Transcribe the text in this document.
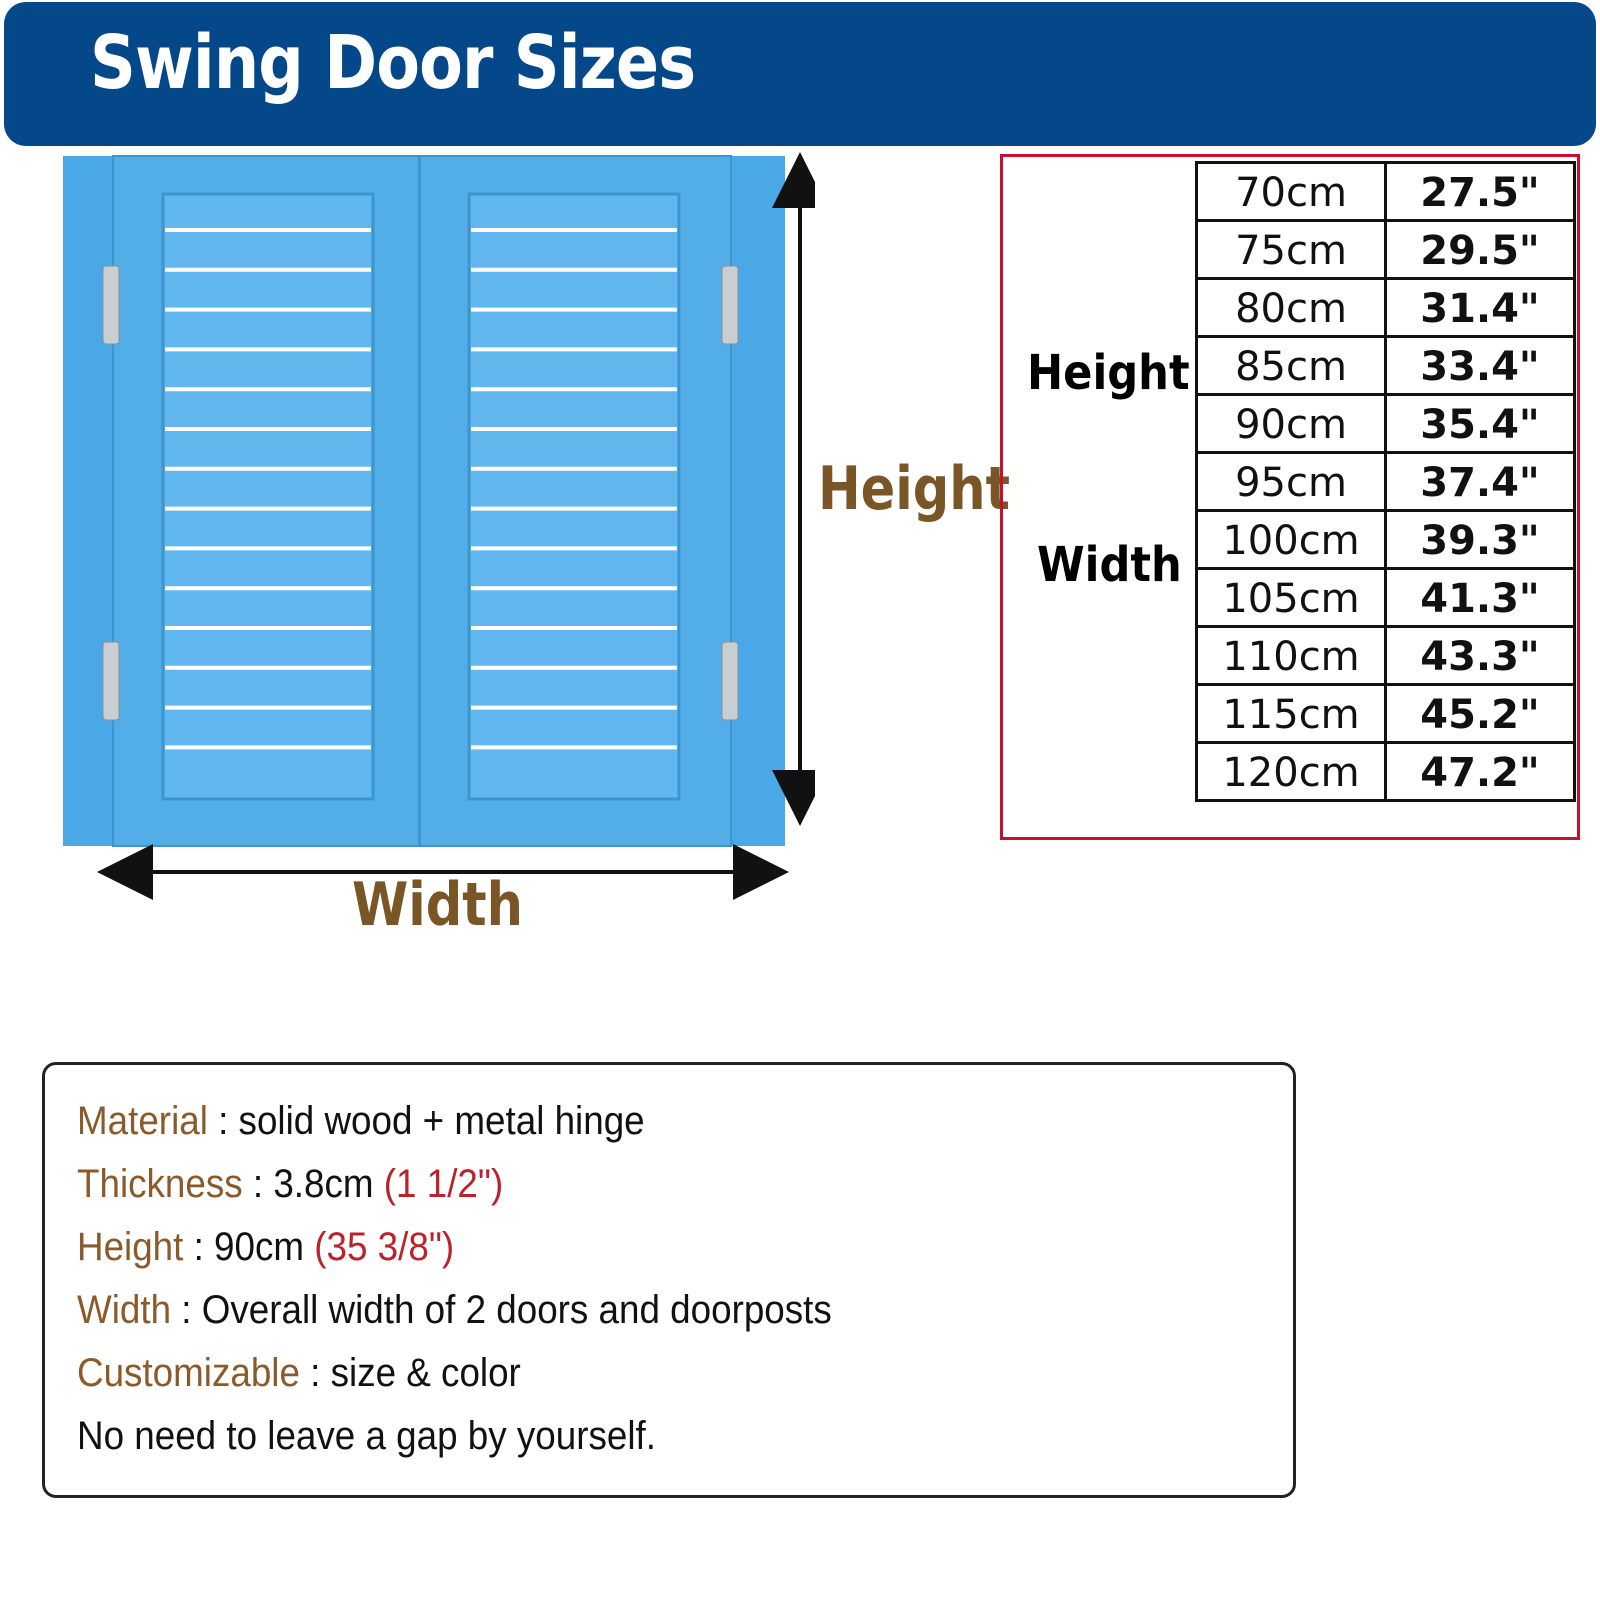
Swing Door Sizes
Height
Width
Height
Width
70cm	27.5"
75cm	29.5"
80cm	31.4"
85cm	33.4"
90cm	35.4"
95cm	37.4"
100cm	39.3"
105cm	41.3"
110cm	43.3"
115cm	45.2"
120cm	47.2"
Material : solid wood + metal hinge
Thickness : 3.8cm (1 1/2")
Height : 90cm (35 3/8")
Width : Overall width of 2 doors and doorposts
Customizable : size & color
No need to leave a gap by yourself.
